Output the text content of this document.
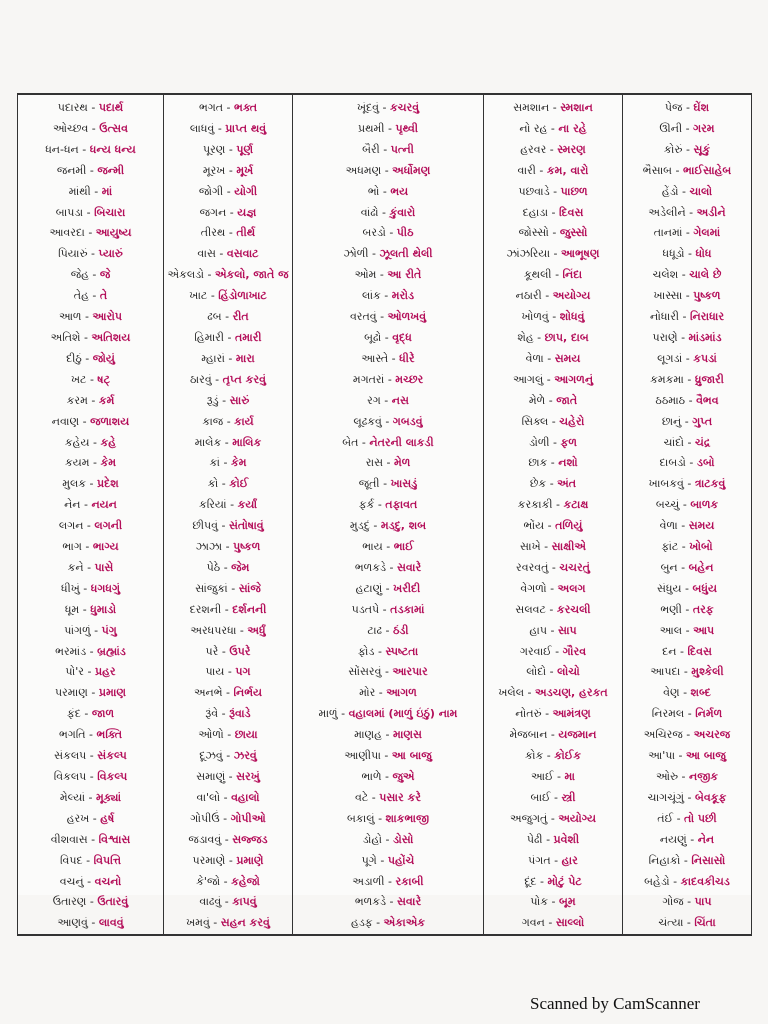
પદારથ - પદાર્થ	ભગત - ભક્ત	ખૂંદવું - કચરવું	સમશાન - સ્મશાન	પેજ - ઘેંશ
ઓચ્છવ - ઉત્સવ	લાધવું - પ્રાપ્ત થવું	પ્રથમી - પૃથ્વી	નો રહ - ના રહે	ઊની - ગરમ
ધન-ધન - ધન્ય ધન્ય	પૂરણ - પૂર્ણ	બૈરી - પત્ની	હરવર - સ્મરણ	કોરું - સૂકું
જનમી - જન્મી	મૂરખ - મૂર્ખ	અધમણ - અર્ધોમણ	વારી - કમ, વારો	ભૈસાબ - ભાઈસાહેબ
માંથી - માં	જોગી - યોગી	ભો - ભય	પછવાડે - પાછળ	હેંડો - ચાલો
બાપડા - બિચારા	જગન - યજ્ઞ	વાંઢો - કુંવારો	દહાડા - દિવસ	અડેલીને - અડીને
આવરદા - આયુષ્ય	તીરથ - તીર્થ	બરડો - પીઠ	જોસ્સો - જુસ્સો	તાનમાં - ગેલમાં
પિયારું - પ્યારું	વાસ - વસવાટ	ઝોળી - ઝૂલતી થેલી	ઝાંઝરિયા - આભૂષણ	ધધૂડો - ધોધ
જેહ - જે	એકલડો - એકલો, જાતે જ	ઓમ - આ રીતે	કૂથલી - નિંદા	ચલેશ - ચાલે છે
તેહ - તે	ખાટ - હિંડોળાખાટ	લાંક - મરોડ	નઠારી - અયોગ્ય	ખાસ્સા - પુષ્કળ
આળ - આરોપ	ઢબ - રીત	વરતવું - ઓળખવું	ખોળવું - શોધવું	નોધારી - નિરાધાર
અતિશે - અતિશય	હિમારી - તમારી	બૂઢો - વૃદ્ધ	શેહ - છાપ, દાબ	પરાણે - માંડમાંડ
દીઠું - જોયું	મ્હારાં - મારા	આસ્તે - ધીરે	વેળા - સમય	લૂગડાં - કપડાં
ખટ - ષટ્	ઠારવું - તૃપ્ત કરવું	મગતરાં - મચ્છર	આગલું - આગળનું	કમકમા - ધ્રુજારી
કરમ - કર્મ	રૂડું - સારું	રગ - નસ	મેળે - જાતે	ઠઠમાઠ - વૈભવ
નવાણ - જળાશય	કાજ - કાર્ય	લૂઢકવું - ગબડવું	સિક્લ - ચહેરો	છાનું - ગુપ્ત
કહેય - કહે	માલેક - માલિક	બેત - નેતરની લાકડી	ડોળી - ફળ	ચાંદો - ચંદ્ર
કયમ - કેમ	કાં - કેમ	રાસ - મેળ	છાક - નશો	દાબડો - ડબો
મુલક - પ્રદેશ	કો - કોઈ	જૂતી - ખાસડું	છેક - અંત	ખાબકવું - ત્રાટકવું
નેન - નયન	કરિયાં - કર્યાં	ફર્ક - તફાવત	કરકાકી - કટાક્ષ	બચ્ચું - બાળક
લગન - લગની	છીપવું - સંતોષાવું	મુડદું - મડદુ, શબ	ભોંય - તળિયું	વેળા - સમય
ભાગ - ભાગ્ય	ઝાઝા - પુષ્કળ	ભાય - ભાઈ	સાખે - સાક્ષીએ	ફાંટ - ખોબો
કને - પાસે	પેઠે - જેમ	ભળકડે - સવારે	રવરવતું - ચચરતું	બુન - બહેન
ધીખું - ધગધગું	સાંજુકાં - સાંજે	હટાણું - ખરીદી	વેગળો - અલગ	સંધુય - બધુંય
ધૂમ - ધુમાડો	દરશની - દર્શનની	પડતપે - તડકામાં	સલવટ - કરચલી	ભણી - તરફ
પાંગળું - પંગુ	અરધપરધા - અર્ધું	ટાઢ - ઠંડી	હાપ - સાપ	આલ - આપ
ભરમાંડ - બ્રહ્માંડ	પરે - ઉપરે	ફોડ - સ્પષ્ટતા	ગરવાઈ - ગૌરવ	દન - દિવસ
પો'ર - પ્રહર	પાય - પગ	સોંસરવું - આરપાર	લોદો - લોચો	આપદા - મુશ્કેલી
પરમાણ - પ્રમાણ	અનભે - નિર્ભય	મોર - આગળ	ખલેલ - અડચણ, હરકત	વેણ - શબ્દ
ફંદ - જાળ	રૂંવે - રૂંવાડે	માળું - વહાલમાં (માળું ઇંઠું) નામ	નોતરું - આમંત્રણ	નિરમલ - નિર્મળ
ભગતિ - ભક્તિ	ઓળો - છાયા	માણહ - માણસ	મેજબાન - યજમાન	અચિરજ - અચરજ
સંકલપ - સંકલ્પ	દૂઝવું - ઝરવું	આણીપા - આ બાજુ	કોક - કોઈક	આ'પા - આ બાજુ
વિકલપ - વિકલ્પ	સમાણું - સરખું	ભાળે - જુએ	આઈ - મા	ઓરુ - નજીક
મેલ્યાં - મૂક્યાં	વા'લો - વહાલો	વટે - પસાર કરે	બાઈ - સ્ત્રી	ચાગચૂંગું - બેવકૂફ
હરખ - હર્ષ	ગોપીઉં - ગોપીઓ	બકાલું - શાકભાજી	અજુગતું - અયોગ્ય	તંઈ - તો પછી
વીશવાસ - વિશ્વાસ	જડાવવું - સજ્જડ	ડોહો - ડોસો	પેઢી - પ્રવેશી	નયણું - નેન
વિપદ - વિપત્તિ	પરમાણે - પ્રમાણે	પૂગે - પહોંચે	પંગત - હાર	નિહાકો - નિસાસો
વચનું - વચનો	કે'જો - કહેજો	અડાળી - રકાબી	દૂંદ - મોટું પેટ	બહેડો - કાદવકીચડ
ઉતારણ - ઉતારવું	વાઢવું - કાપવું	ભળકડે - સવારે	પોક - બૂમ	ગોજ - પાપ
આણવું - લાવવું	ખમવું - સહન કરવું	હડફ - એકાએક	ગવન - સાલ્લો	ચંત્યા - ચિંતા
Scanned by CamScanner
